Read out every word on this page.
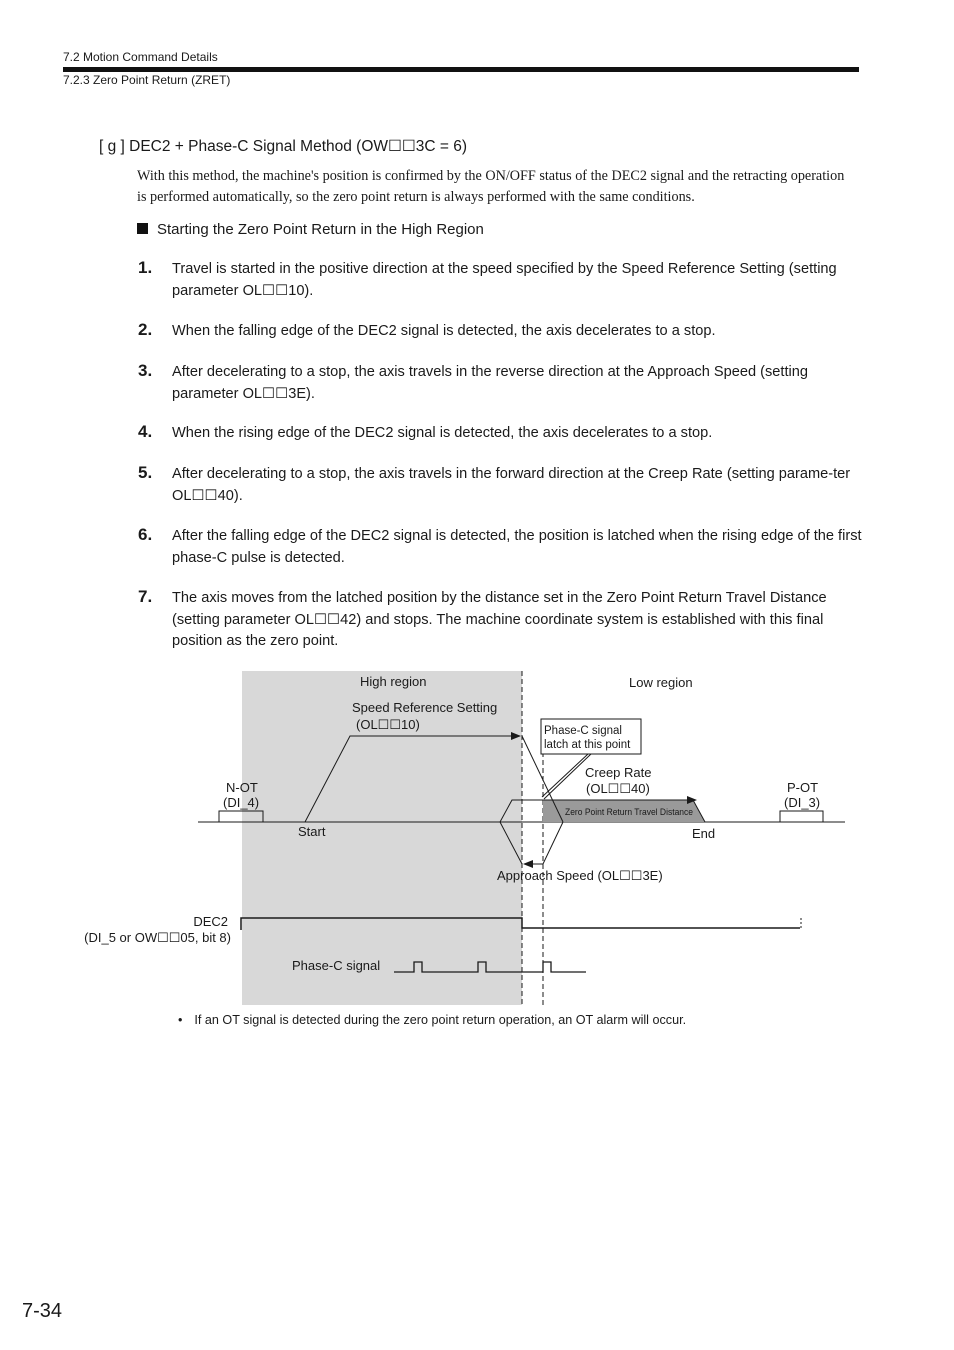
7.2 Motion Command Details
7.2.3 Zero Point Return (ZRET)
[ g ] DEC2 + Phase-C Signal Method (OW☐☐3C = 6)
With this method, the machine's position is confirmed by the ON/OFF status of the DEC2 signal and the retracting operation is performed automatically, so the zero point return is always performed with the same conditions.
Starting the Zero Point Return in the High Region
1. Travel is started in the positive direction at the speed specified by the Speed Reference Setting (setting parameter OL☐☐10).
2. When the falling edge of the DEC2 signal is detected, the axis decelerates to a stop.
3. After decelerating to a stop, the axis travels in the reverse direction at the Approach Speed (setting parameter OL☐☐3E).
4. When the rising edge of the DEC2 signal is detected, the axis decelerates to a stop.
5. After decelerating to a stop, the axis travels in the forward direction at the Creep Rate (setting parame-ter OL☐☐40).
6. After the falling edge of the DEC2 signal is detected, the position is latched when the rising edge of the first phase-C pulse is detected.
7. The axis moves from the latched position by the distance set in the Zero Point Return Travel Distance (setting parameter OL☐☐42) and stops. The machine coordinate system is established with this final position as the zero point.
High region	Low region
Speed Reference Setting
(OL☐☐10)	Phase-C signal
latch at this point
Creep Rate
(OL☐☐40)
Zero Point Return Travel Distance
N-OT
(DI_4)
P-OT
(DI_3)
Start	End
Approach Speed (OL☐☐3E)
DEC2
(DI_5 or OW☐☐05, bit 8)
Phase-C signal
• If an OT signal is detected during the zero point return operation, an OT alarm will occur.
7-34
